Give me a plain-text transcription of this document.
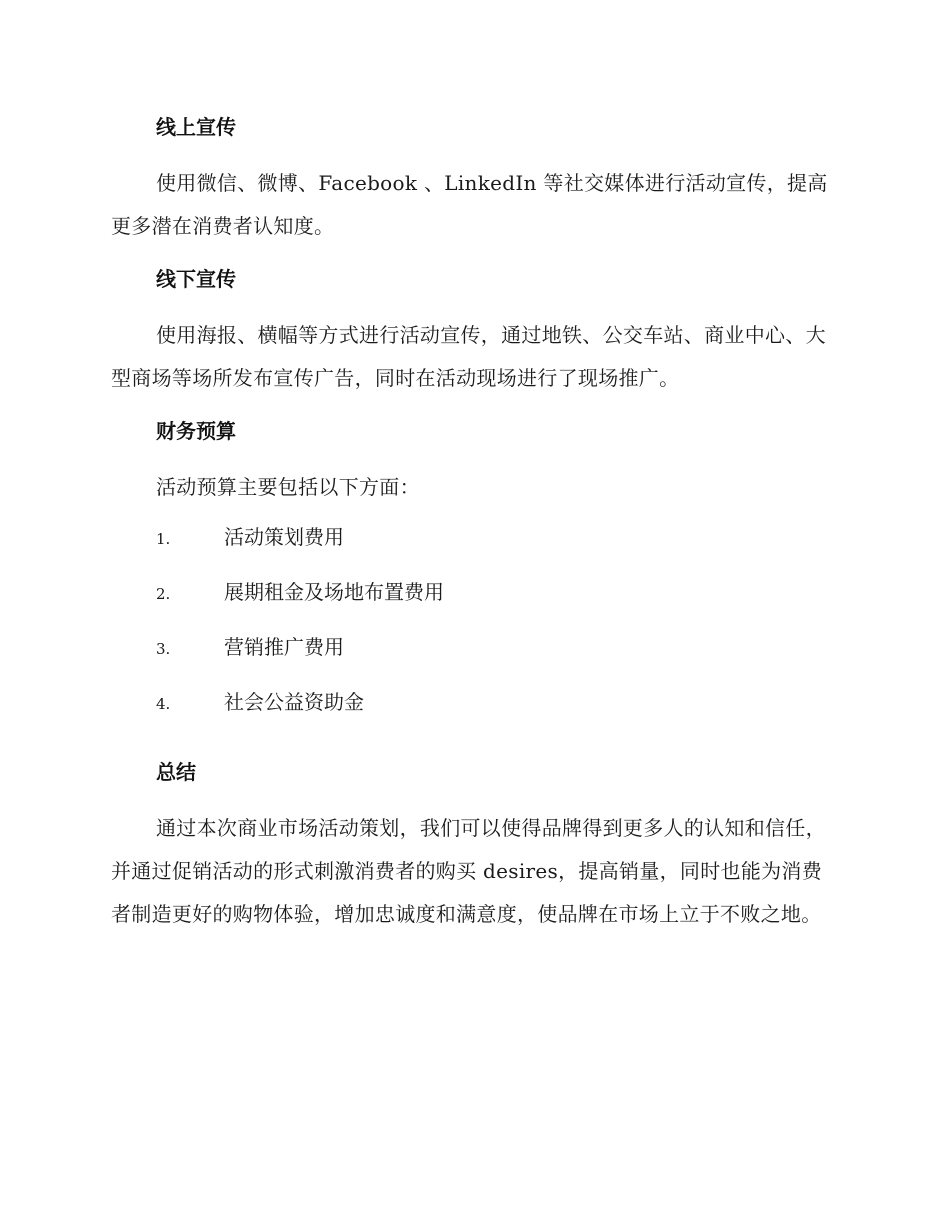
线上宣传

使用微信、微博、Facebook 、LinkedIn 等社交媒体进行活动宣传，提高更多潜在消费者认知度。

线下宣传

使用海报、横幅等方式进行活动宣传，通过地铁、公交车站、商业中心、大型商场等场所发布宣传广告，同时在活动现场进行了现场推广。

财务预算

活动预算主要包括以下方面：

1.	活动策划费用
2.	展期租金及场地布置费用
3.	营销推广费用
4.	社会公益资助金
总结

通过本次商业市场活动策划，我们可以使得品牌得到更多人的认知和信任，并通过促销活动的形式刺激消费者的购买 desires，提高销量，同时也能为消费者制造更好的购物体验，增加忠诚度和满意度，使品牌在市场上立于不败之地。
